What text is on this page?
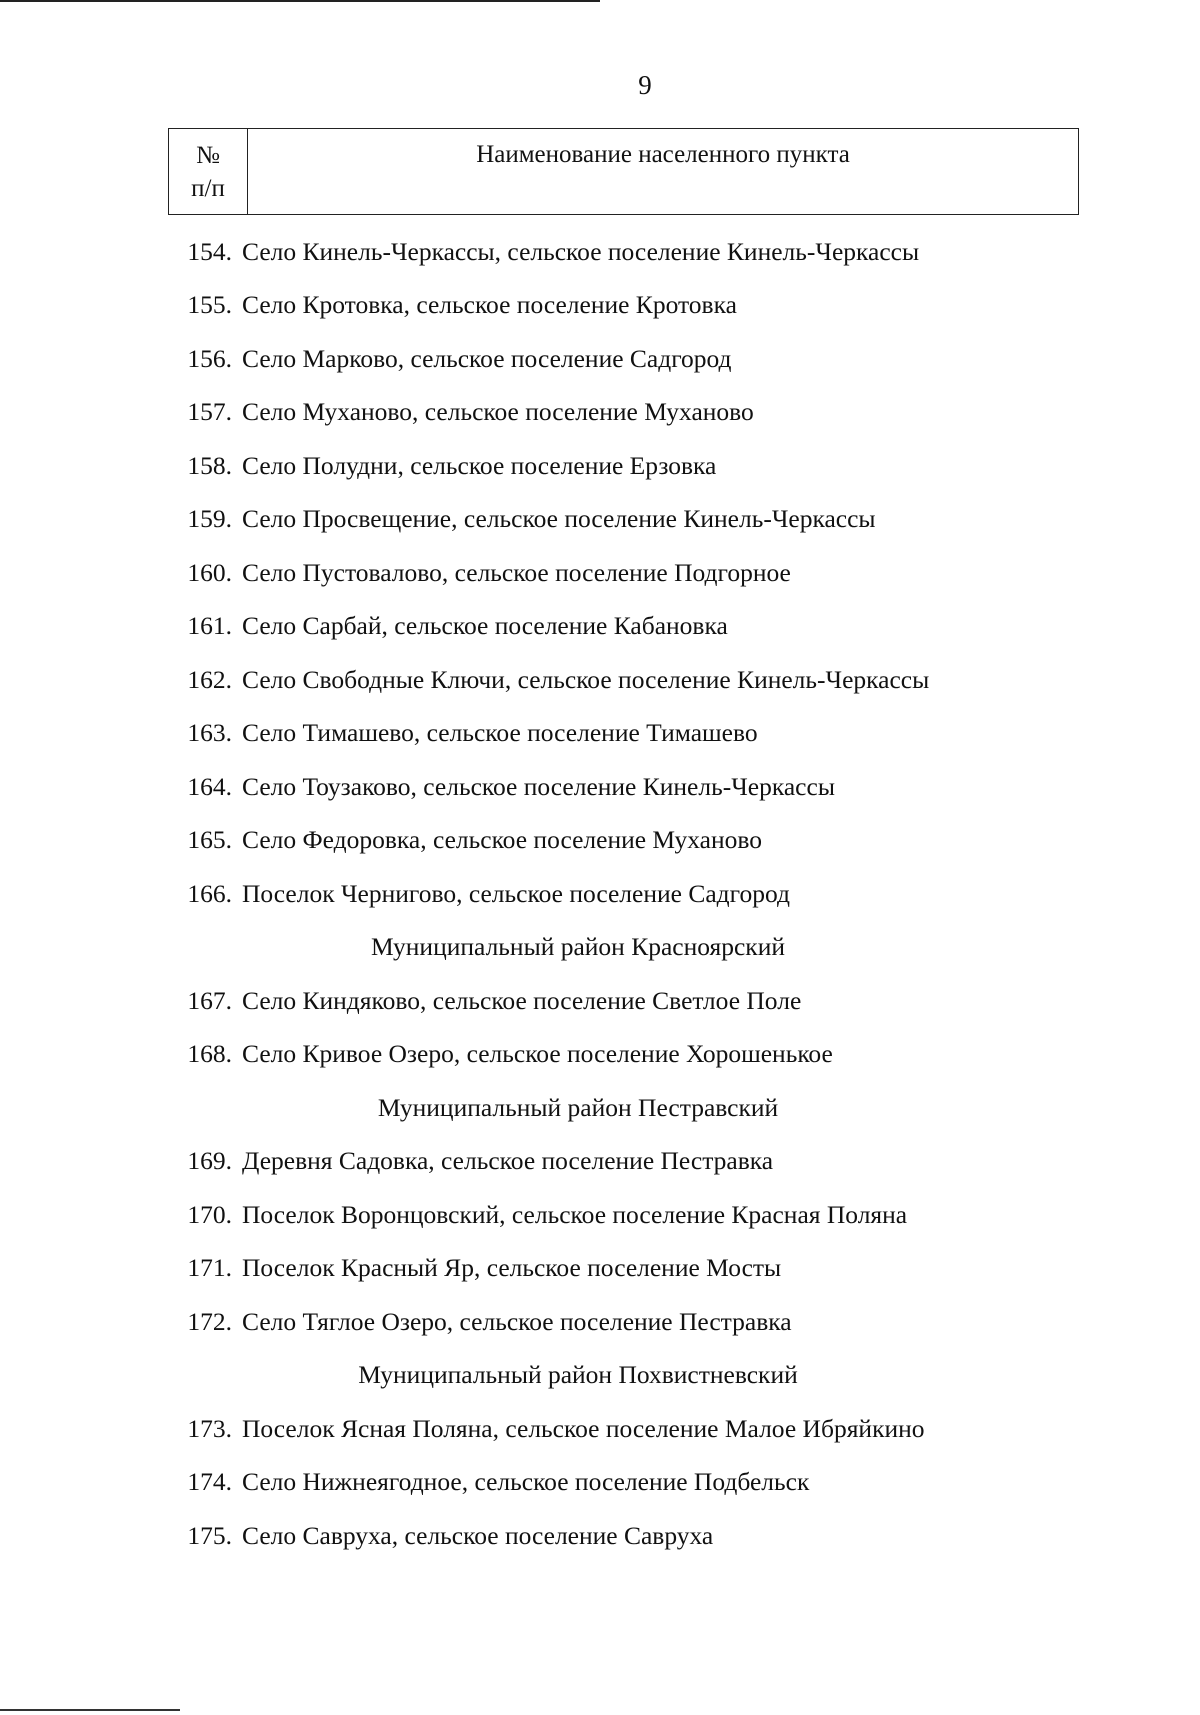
9
№
п/п
Наименование населенного пункта
154. Село Кинель-Черкассы, сельское поселение Кинель-Черкассы
155. Село Кротовка, сельское поселение Кротовка
156. Село Марково, сельское поселение Садгород
157. Село Муханово, сельское поселение Муханово
158. Село Полудни, сельское поселение Ерзовка
159. Село Просвещение, сельское поселение Кинель-Черкассы
160. Село Пустовалово, сельское поселение Подгорное
161. Село Сарбай, сельское поселение Кабановка
162. Село Свободные Ключи, сельское поселение Кинель-Черкассы
163. Село Тимашево, сельское поселение Тимашево
164. Село Тоузаково, сельское поселение Кинель-Черкассы
165. Село Федоровка, сельское поселение Муханово
166. Поселок Чернигово, сельское поселение Садгород
Муниципальный район Красноярский
167. Село Киндяково, сельское поселение Светлое Поле
168. Село Кривое Озеро, сельское поселение Хорошенькое
Муниципальный район Пестравский
169. Деревня Садовка, сельское поселение Пестравка
170. Поселок Воронцовский, сельское поселение Красная Поляна
171. Поселок Красный Яр, сельское поселение Мосты
172. Село Тяглое Озеро, сельское поселение Пестравка
Муниципальный район Похвистневский
173. Поселок Ясная Поляна, сельское поселение Малое Ибряйкино
174. Село Нижнеягодное, сельское поселение Подбельск
175. Село Савруха, сельское поселение Савруха
